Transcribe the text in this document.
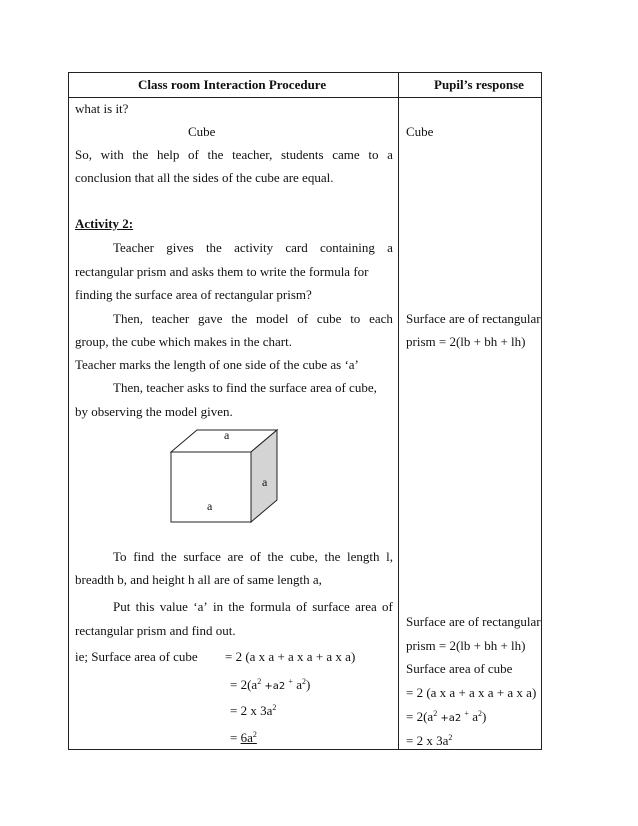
Class room Interaction Procedure	Pupil’s response
what is it?
Cube
So, with the help of the teacher, students came to a
conclusion that all the sides of the cube are equal.
Activity 2:
Teacher gives the activity card containing a
rectangular prism and asks them to write the formula for
finding the surface area of rectangular prism?
Then, teacher gave the model of cube to each
group, the cube which makes in the chart.
Teacher marks the length of one side of the cube as ‘a’
Then, teacher asks to find the surface area of cube,
by observing the model given.
a
a
a
To find the surface are of the cube, the length l,
breadth b, and height h all are of same length a,
Put this value ‘a’ in the formula of surface area of
rectangular prism and find out.
ie; Surface area of cube = 2 (a x a + a x a + a x a)
= $2(a^2 +a2$ + $a^2$)
= 2 x $3a^2$
= $6a^2$
Cube
Surface are of rectangular
prism = 2(lb + bh + lh)
Surface are of rectangular
prism = 2(lb + bh + lh)
Surface area of cube
= 2 (a x a + a x a + a x a)
= $2(a^2 +a2$ + $a^2$)
= 2 x $3a^2$
